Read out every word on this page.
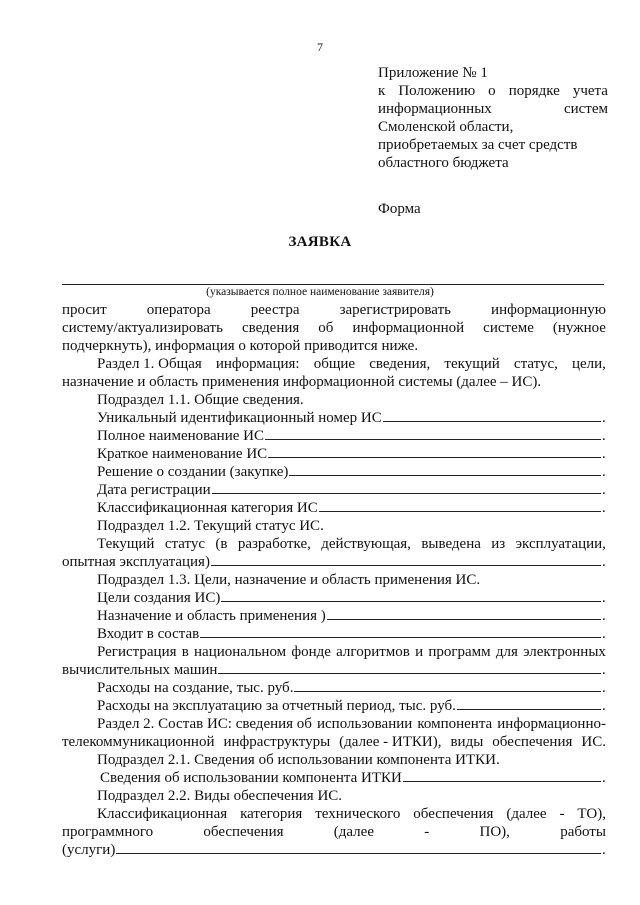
7
Приложение № 1
к Положению о порядке учета
информационных	систем
Смоленской области,
приобретаемых за счет средств
областного бюджета
Форма
ЗАЯВКА
(указывается полное наименование заявителя)
просит	оператора	реестра	зарегистрировать	информационную
систему/актуализировать сведения об информационной системе (нужное
подчеркнуть), информация о которой приводится ниже.
Раздел 1. Общая информация: общие сведения, текущий статус, цели,
назначение и область применения информационной системы (далее – ИС).
Подраздел 1.1. Общие сведения.
Уникальный идентификационный номер ИС	.
Полное наименование ИС	.
Краткое наименование ИС	.
Решение о создании (закупке)	.
Дата регистрации	.
Классификационная категория ИС	.
Подраздел 1.2. Текущий статус ИС.
Текущий статус (в разработке, действующая, выведена из эксплуатации,
опытная эксплуатация)	.
Подраздел 1.3. Цели, назначение и область применения ИС.
Цели создания ИС)	.
Назначение и область применения )	.
Входит в состав	.
Регистрация в национальном фонде алгоритмов и программ для электронных
вычислительных машин	.
Расходы на создание, тыс. руб.	.
Расходы на эксплуатацию за отчетный период, тыс. руб.	.
Раздел 2. Состав ИС: сведения об использовании компонента информационно-
телекоммуникационной инфраструктуры (далее - ИТКИ), виды обеспечения ИС.
Подраздел 2.1. Сведения об использовании компонента ИТКИ.
Сведения об использовании компонента ИТКИ	.
Подраздел 2.2. Виды обеспечения ИС.
Классификационная категория технического обеспечения (далее - ТО),
программного	обеспечения	(далее	-	ПО),	работы
(услуги)	.
